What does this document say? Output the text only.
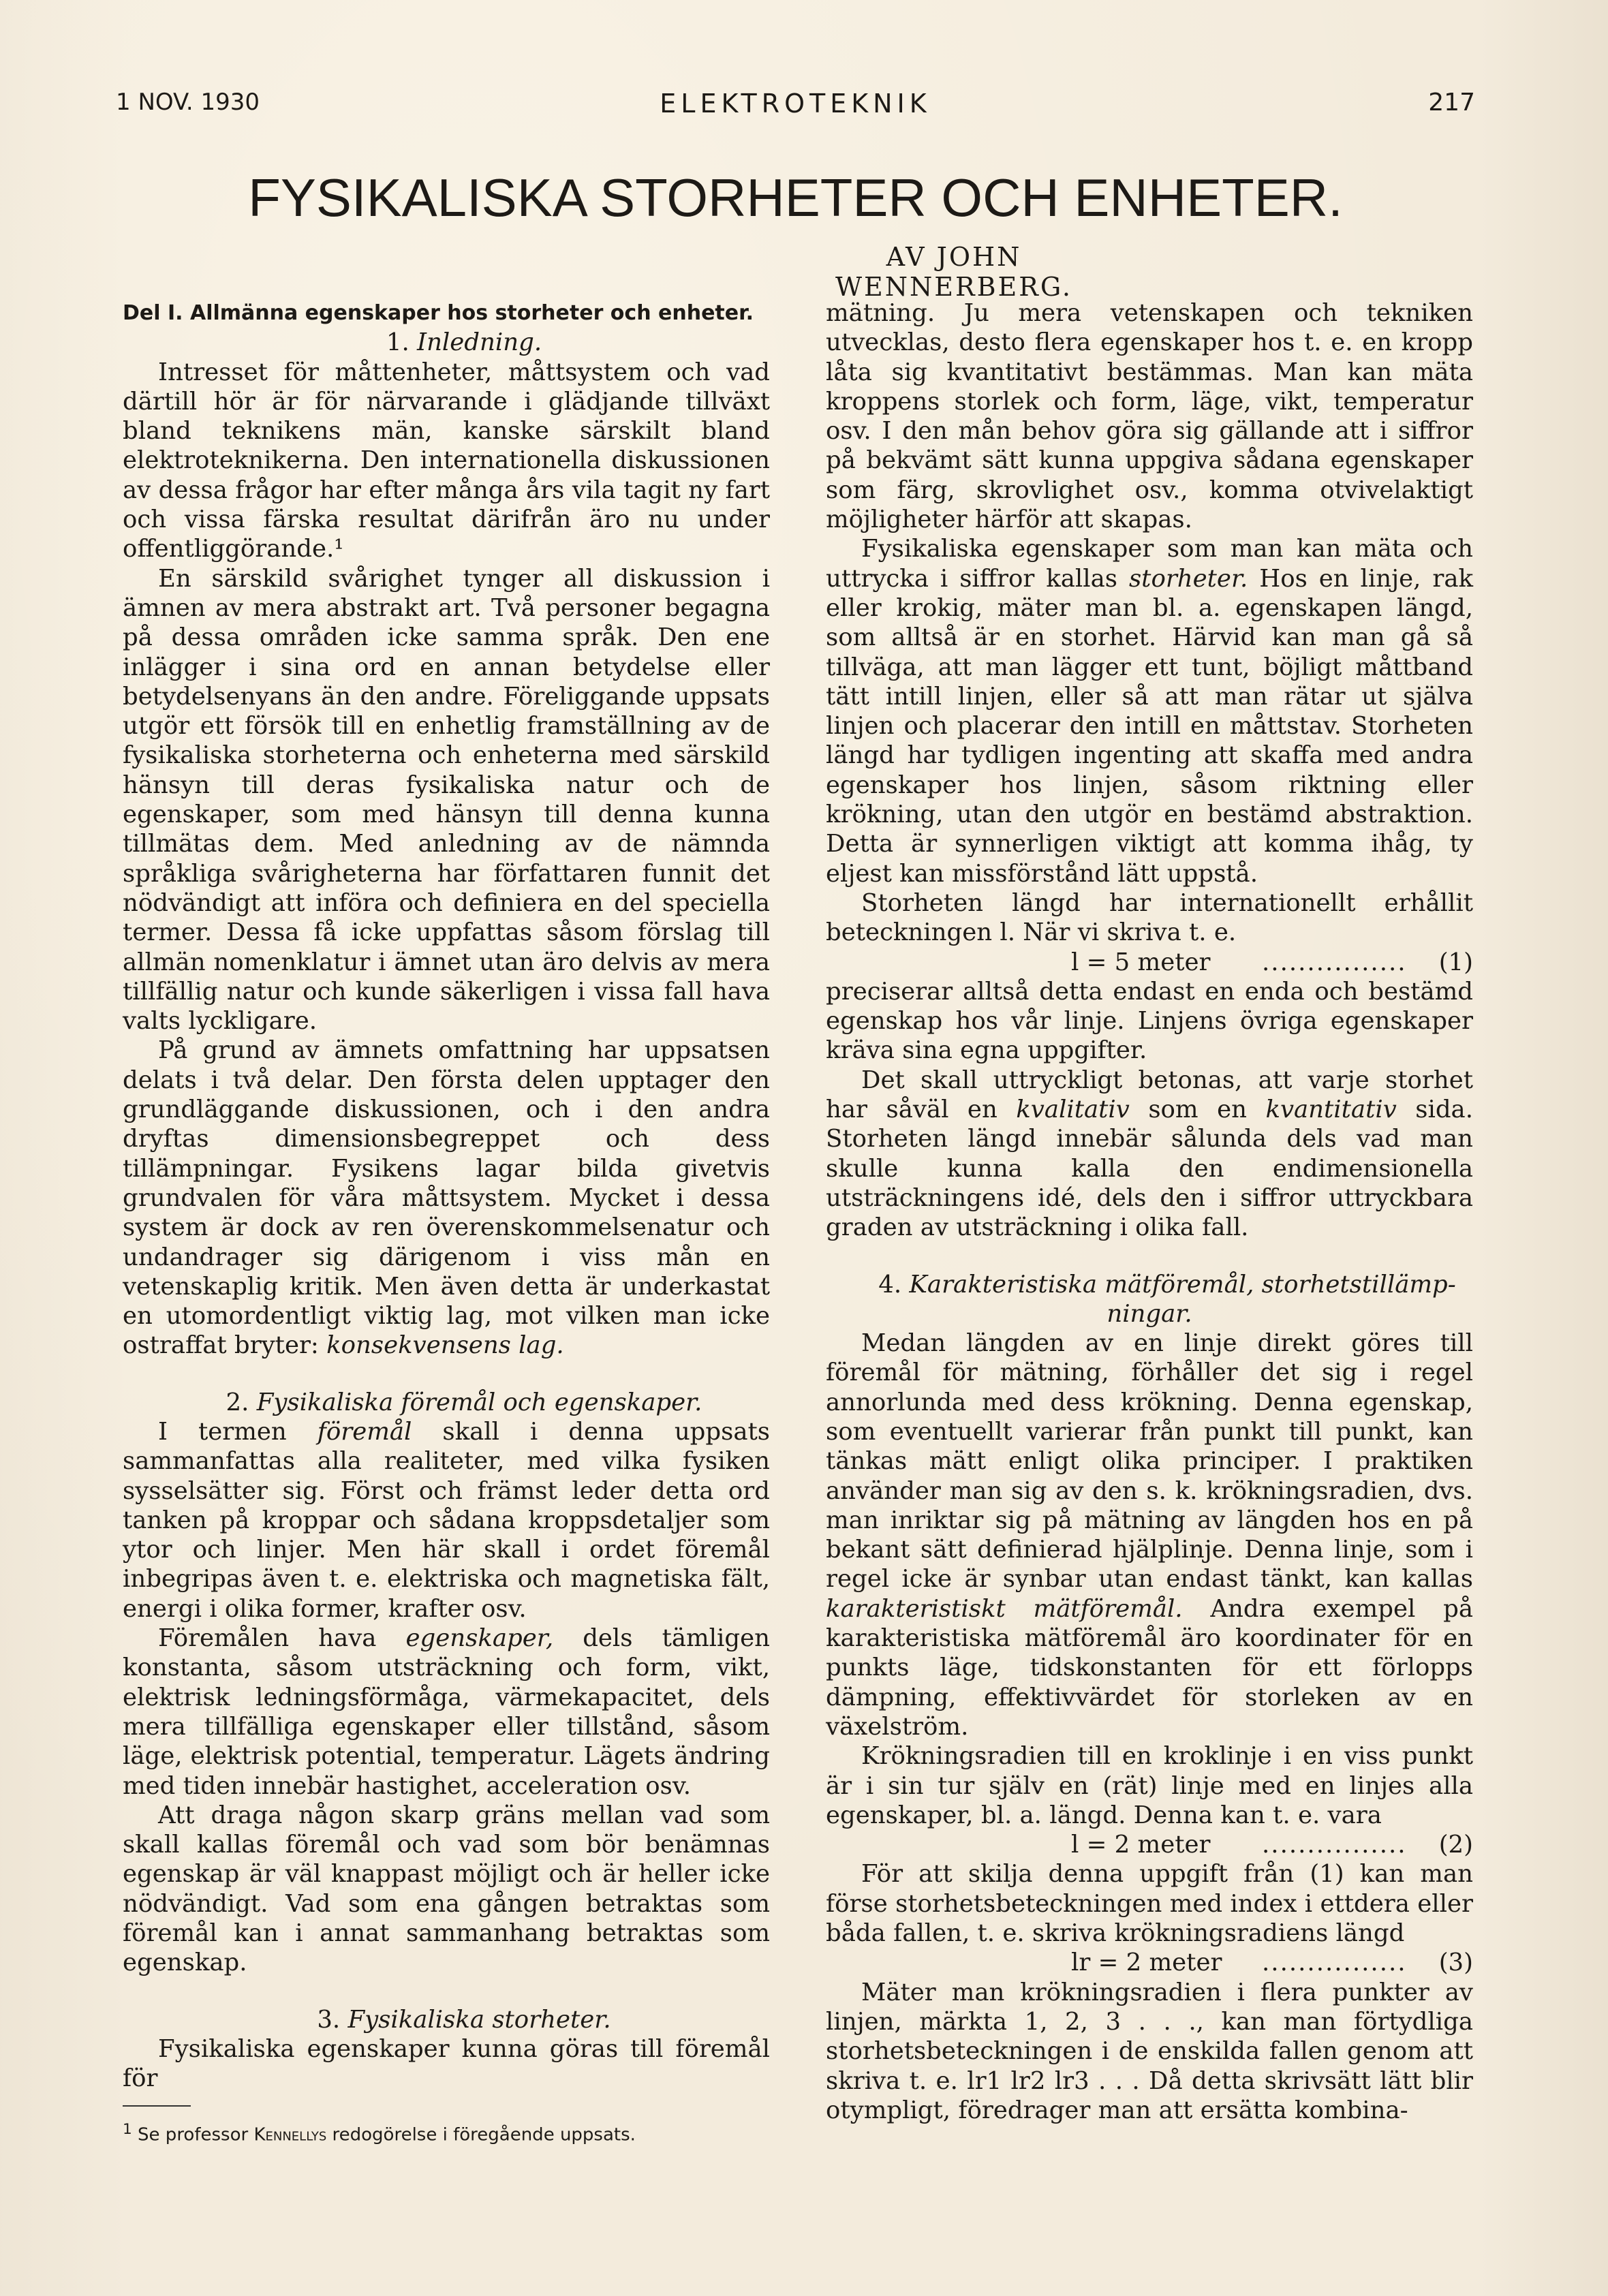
1 NOV. 1930	ELEKTROTEKNIK	217
FYSIKALISKA STORHETER OCH ENHETER.
AV JOHN WENNERBERG.

Del I. Allmänna egenskaper hos storheter och enheter.

1. Inledning.

Intresset för måttenheter, måttsystem och vad därtill hör är för närvarande i glädjande tillväxt bland teknikens män, kanske särskilt bland elektroteknikerna. Den internationella diskussionen av dessa frågor har efter många års vila tagit ny fart och vissa färska resultat därifrån äro nu under offentliggörande.¹

En särskild svårighet tynger all diskussion i ämnen av mera abstrakt art. Två personer begagna på dessa områden icke samma språk. Den ene inlägger i sina ord en annan betydelse eller betydelsenyans än den andre. Föreliggande uppsats utgör ett försök till en enhetlig framställning av de fysikaliska storheterna och enheterna med särskild hänsyn till deras fysikaliska natur och de egenskaper, som med hänsyn till denna kunna tillmätas dem. Med anledning av de nämnda språkliga svårigheterna har författaren funnit det nödvändigt att införa och definiera en del speciella termer. Dessa få icke uppfattas såsom förslag till allmän nomenklatur i ämnet utan äro delvis av mera tillfällig natur och kunde säkerligen i vissa fall hava valts lyckligare.

På grund av ämnets omfattning har uppsatsen delats i två delar. Den första delen upptager den grundläggande diskussionen, och i den andra dryftas dimensionsbegreppet och dess tillämpningar. Fysikens lagar bilda givetvis grundvalen för våra måttsystem. Mycket i dessa system är dock av ren överenskommelsenatur och undandrager sig därigenom i viss mån en vetenskaplig kritik. Men även detta är underkastat en utomordentligt viktig lag, mot vilken man icke ostraffat bryter: konsekvensens lag.

2. Fysikaliska föremål och egenskaper.

I termen föremål skall i denna uppsats sammanfattas alla realiteter, med vilka fysiken sysselsätter sig. Först och främst leder detta ord tanken på kroppar och sådana kroppsdetaljer som ytor och linjer. Men här skall i ordet föremål inbegripas även t. e. elektriska och magnetiska fält, energi i olika former, krafter osv.

Föremålen hava egenskaper, dels tämligen konstanta, såsom utsträckning och form, vikt, elektrisk ledningsförmåga, värmekapacitet, dels mera tillfälliga egenskaper eller tillstånd, såsom läge, elektrisk potential, temperatur. Lägets ändring med tiden innebär hastighet, acceleration osv.

Att draga någon skarp gräns mellan vad som skall kallas föremål och vad som bör benämnas egenskap är väl knappast möjligt och är heller icke nödvändigt. Vad som ena gången betraktas som föremål kan i annat sammanhang betraktas som egenskap.

3. Fysikaliska storheter.

Fysikaliska egenskaper kunna göras till föremål för

$^1$ Se professor Kennellys redogörelse i föregående uppsats.

mätning. Ju mera vetenskapen och tekniken utvecklas, desto flera egenskaper hos t. e. en kropp låta sig kvantitativt bestämmas. Man kan mäta kroppens storlek och form, läge, vikt, temperatur osv. I den mån behov göra sig gällande att i siffror på bekvämt sätt kunna uppgiva sådana egenskaper som färg, skrovlighet osv., komma otvivelaktigt möjligheter härför att skapas.

Fysikaliska egenskaper som man kan mäta och uttrycka i siffror kallas storheter. Hos en linje, rak eller krokig, mäter man bl. a. egenskapen längd, som alltså är en storhet. Härvid kan man gå så tillväga, att man lägger ett tunt, böjligt måttband tätt intill linjen, eller så att man rätar ut själva linjen och placerar den intill en måttstav. Storheten längd har tydligen ingenting att skaffa med andra egenskaper hos linjen, såsom riktning eller krökning, utan den utgör en bestämd abstraktion. Detta är synnerligen viktigt att komma ihåg, ty eljest kan missförstånd lätt uppstå.

Storheten längd har internationellt erhållit beteckningen l. När vi skriva t. e.

l = 5 meter ................ (1)

preciserar alltså detta endast en enda och bestämd egenskap hos vår linje. Linjens övriga egenskaper kräva sina egna uppgifter.

Det skall uttryckligt betonas, att varje storhet har såväl en kvalitativ som en kvantitativ sida. Storheten längd innebär sålunda dels vad man skulle kunna kalla den endimensionella utsträckningens idé, dels den i siffror uttryckbara graden av utsträckning i olika fall.

4. Karakteristiska mätföremål, storhetstillämp-
ningar.

Medan längden av en linje direkt göres till föremål för mätning, förhåller det sig i regel annorlunda med dess krökning. Denna egenskap, som eventuellt varierar från punkt till punkt, kan tänkas mätt enligt olika principer. I praktiken använder man sig av den s. k. krökningsradien, dvs. man inriktar sig på mätning av längden hos en på bekant sätt definierad hjälplinje. Denna linje, som i regel icke är synbar utan endast tänkt, kan kallas karakteristiskt mätföremål. Andra exempel på karakteristiska mätföremål äro koordinater för en punkts läge, tidskonstanten för ett förlopps dämpning, effektivvärdet för storleken av en växelström.

Krökningsradien till en kroklinje i en viss punkt är i sin tur själv en (rät) linje med en linjes alla egenskaper, bl. a. längd. Denna kan t. e. vara

l = 2 meter ................ (2)

För att skilja denna uppgift från (1) kan man förse storhetsbeteckningen med index i ettdera eller båda fallen, t. e. skriva krökningsradiens längd

lr = 2 meter ................ (3)

Mäter man krökningsradien i flera punkter av linjen, märkta 1, 2, 3 . . ., kan man förtydliga storhetsbeteckningen i de enskilda fallen genom att skriva t. e. lr1 lr2 lr3 . . . Då detta skrivsätt lätt blir otympligt, föredrager man att ersätta kombina-
